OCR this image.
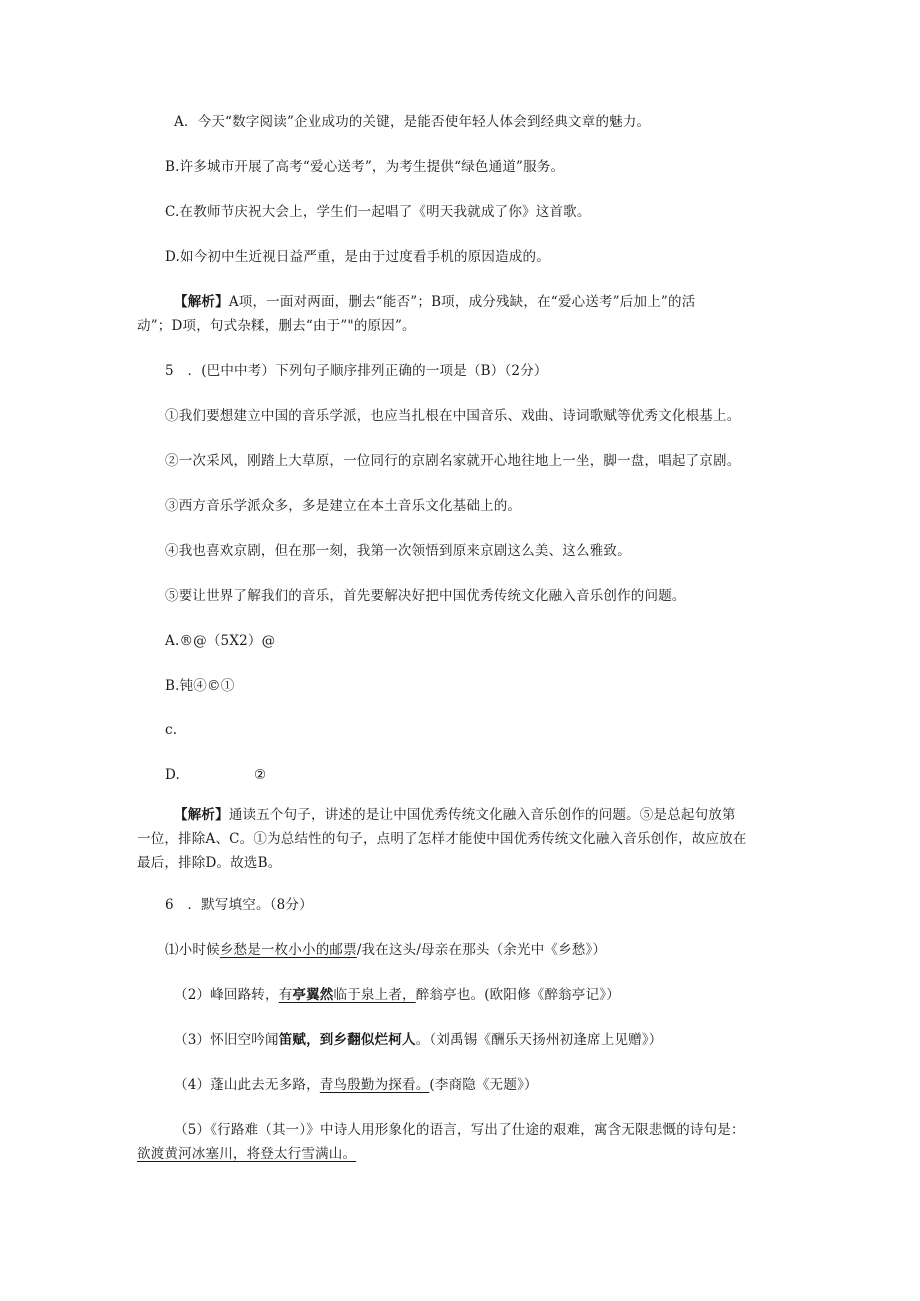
A．今天“数字阅读”企业成功的关键，是能否使年轻人体会到经典文章的魅力。
B.许多城市开展了高考“爱心送考”，为考生提供“绿色通道”服务。
C.在教师节庆祝大会上，学生们一起唱了《明天我就成了你》这首歌。
D.如今初中生近视日益严重，是由于过度看手机的原因造成的。
【解析】A项，一面对两面，删去“能否”；B项，成分残缺，在“爱心送考”后加上”的活
动”；D项，句式杂糅，删去“由于”"的原因”。
5　．(巴中中考）下列句子顺序排列正确的一项是（B）（2分）
①我们要想建立中国的音乐学派，也应当扎根在中国音乐、戏曲、诗词歌赋等优秀文化根基上。
②一次采风，刚踏上大草原，一位同行的京剧名家就开心地往地上一坐，脚一盘，唱起了京剧。
③西方音乐学派众多，多是建立在本土音乐文化基础上的。
④我也喜欢京剧，但在那一刻，我第一次领悟到原来京剧这么美、这么雅致。
⑤要让世界了解我们的音乐，首先要解决好把中国优秀传统文化融入音乐创作的问题。
A.®@（5X2）@
B.钝④©①
c.
D.	②
【解析】通读五个句子，讲述的是让中国优秀传统文化融入音乐创作的问题。⑤是总起句放第
一位，排除A、C。①为总结性的句子，点明了怎样才能使中国优秀传统文化融入音乐创作，故应放在
最后，排除D。故选B。
6　．默写填空。（8分）
⑴小时候乡愁是一枚小小的邮票/我在这头/母亲在那头（余光中《乡愁》）
（2）峰回路转，有亭翼然临于泉上者，醉翁亭也。(欧阳修《醉翁亭记》）
（3）怀旧空吟闻笛赋，到乡翻似烂柯人。（刘禹锡《酬乐天扬州初逢席上见赠》）
（4）蓬山此去无多路，青鸟殷勤为探看。(李商隐《无题》）
（5）《行路难（其一）》中诗人用形象化的语言，写出了仕途的艰难，寓含无限悲慨的诗句是：
欲渡黄河冰塞川，将登太行雪满山。
